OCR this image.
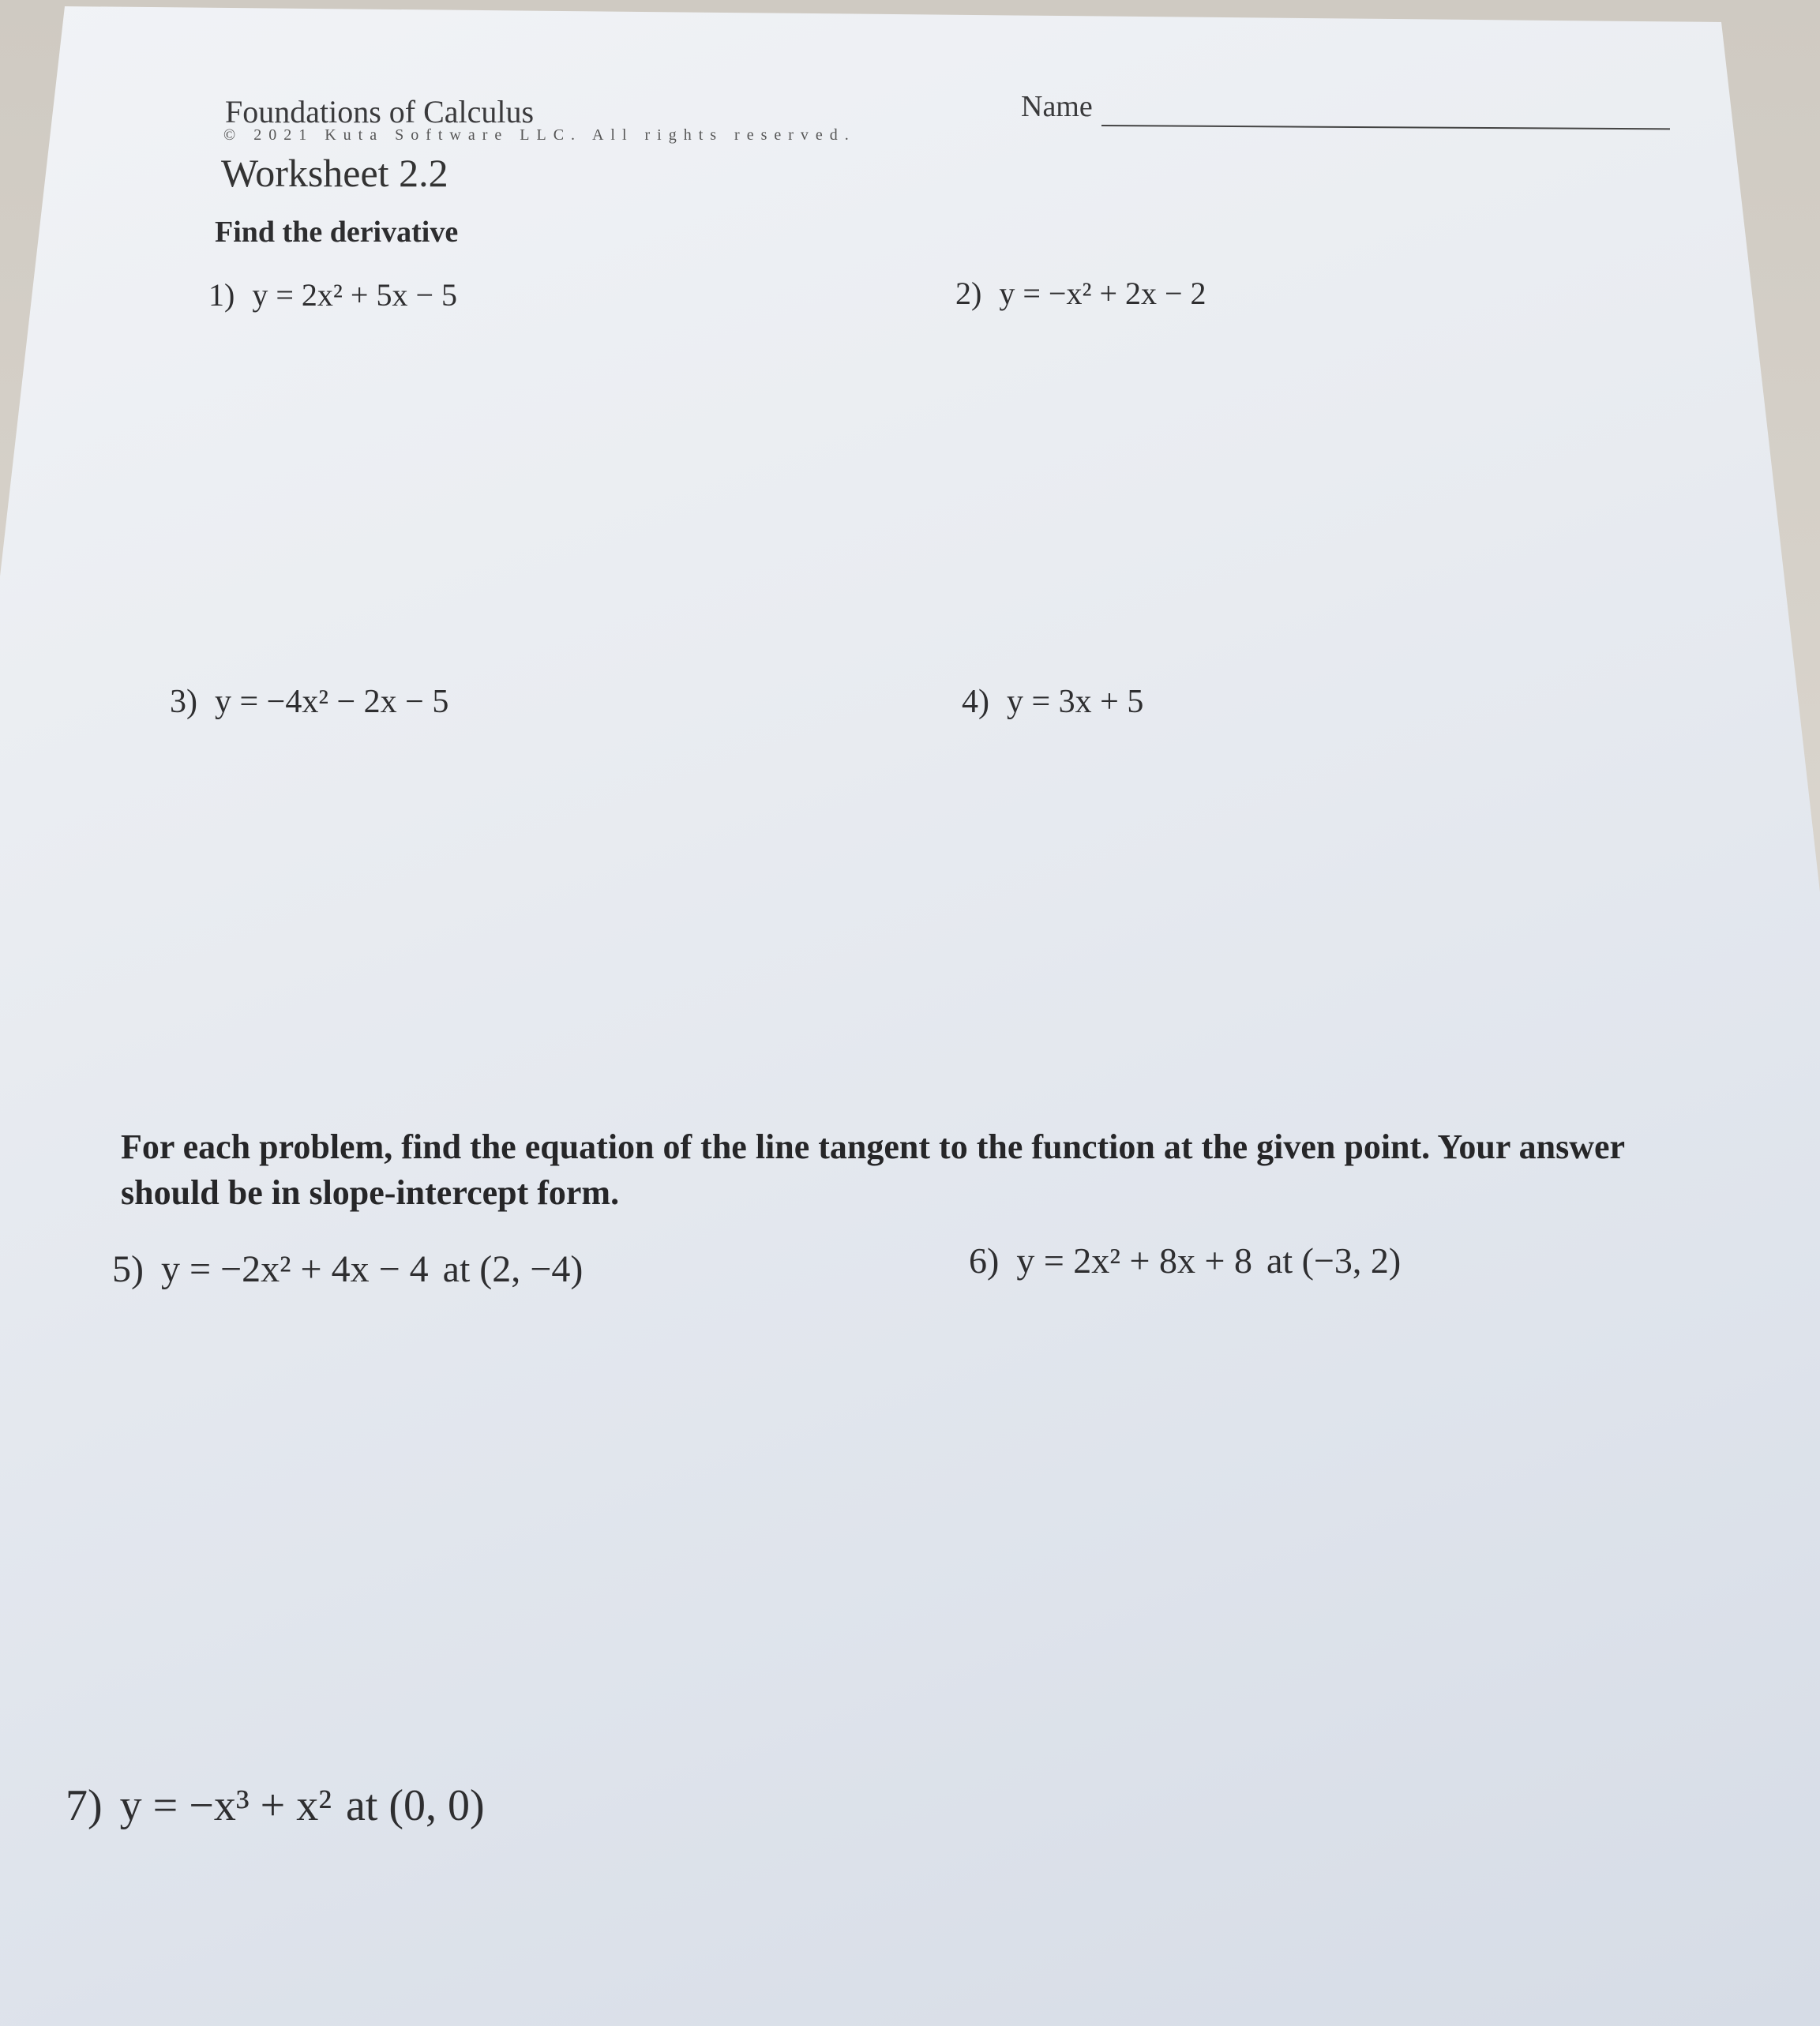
Foundations of Calculus	Name
© 2021 Kuta Software LLC. All rights reserved.
Worksheet 2.2
Find the derivative
1) y = 2x² + 5x − 5	2) y = −x² + 2x − 2
3) y = −4x² − 2x − 5	4) y = 3x + 5
For each problem, find the equation of the line tangent to the function at the given point. Your answer should be in slope-intercept form.
5) y = −2x² + 4x − 4 at (2, −4)	6) y = 2x² + 8x + 8 at (−3, 2)
7) y = −x³ + x² at (0, 0)
